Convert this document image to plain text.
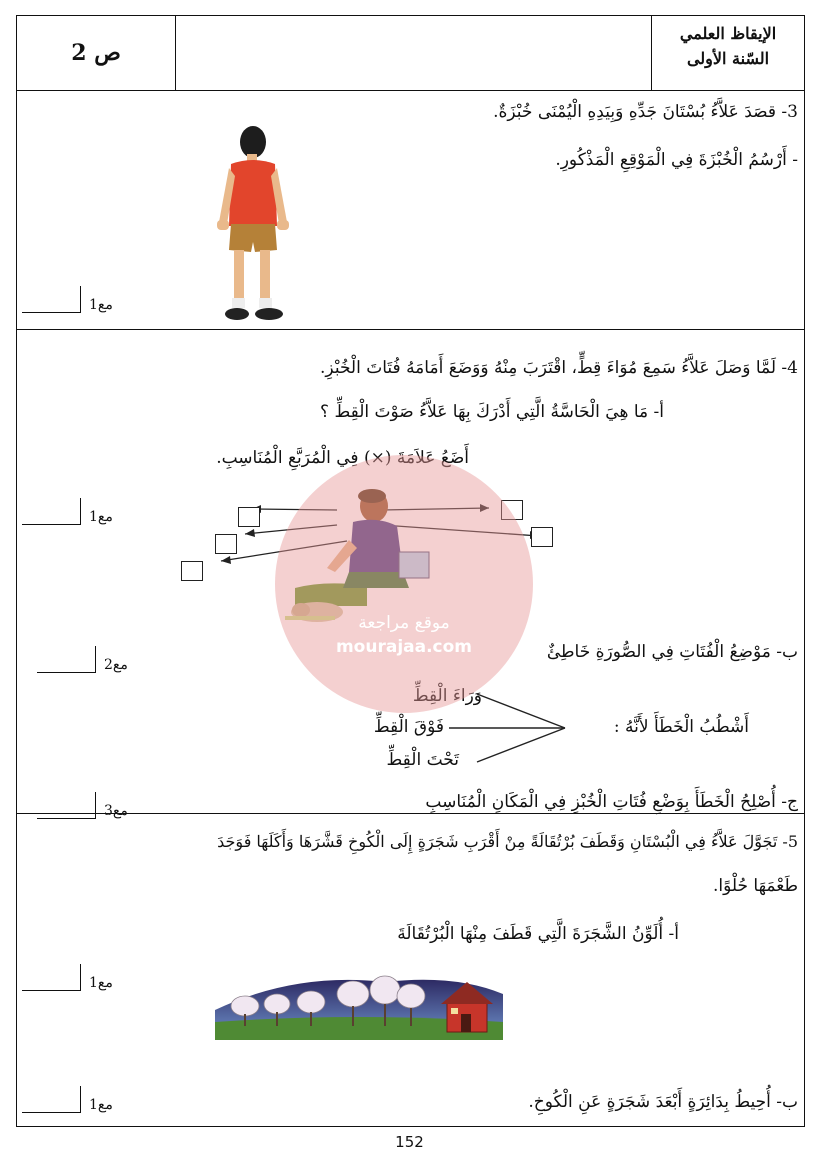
ص 2
الإيقاظ العلمي
السّنة الأولى
3- قصَدَ عَلاَّءُ بُسْتَانَ جَدِّهِ وَبِيَدِهِ الْيُمْنَى خُبْزَةٌ.
- أَرْسُمُ الْخُبْزَةَ فِي الْمَوْقِعِ الْمَذْكُورِ.
مع1
4- لَمَّا وَصَلَ عَلاَّءُ سَمِعَ مُوَاءَ قِطٍّ، اقْتَرَبَ مِنْهُ وَوَضَعَ أَمَامَهُ فُتَاتَ الْخُبْزِ.
أ- مَا هِيَ الْحَاسَّةُ الَّتِي أَدْرَكَ بِهَا عَلاَّءُ صَوْتَ الْقِطِّ ؟
أَضَعُ عَلاَمَةَ (×) فِي الْمُرَبَّعِ الْمُنَاسِبِ.
مع1
ب- مَوْضِعُ الْفُتَاتِ فِي الصُّورَةِ خَاطِئٌ
مع2
وَرَاءَ الْقِطِّ
أَشْطُبُ الْخَطَأَ لأَنَّهُ :
فَوْقَ الْقِطِّ
تَحْتَ الْقِطِّ
ج- أُصْلِحُ الْخَطَأَ بِوَضْعِ فُتَاتِ الْخُبْزِ فِي الْمَكَانِ الْمُنَاسِبِ
مع3
5- تَجَوَّلَ عَلاَّءُ فِي الْبُسْتَانِ وَقَطَفَ بُرْتُقَالَةً مِنْ أَقْرَبِ شَجَرَةٍ إِلَى الْكُوخِ قَشَّرَهَا وَأَكَلَهَا فَوَجَدَ
طَعْمَهَا حُلْوًا.
أ- أُلَوِّنُ الشَّجَرَةَ الَّتِي قَطَفَ مِنْهَا الْبُرْتُقَالَةَ
مع1
ب- أُحِيطُ بِدَائِرَةٍ أَبْعَدَ شَجَرَةٍ عَنِ الْكُوخِ.
مع1
موقع مراجعة
mourajaa.com
152
